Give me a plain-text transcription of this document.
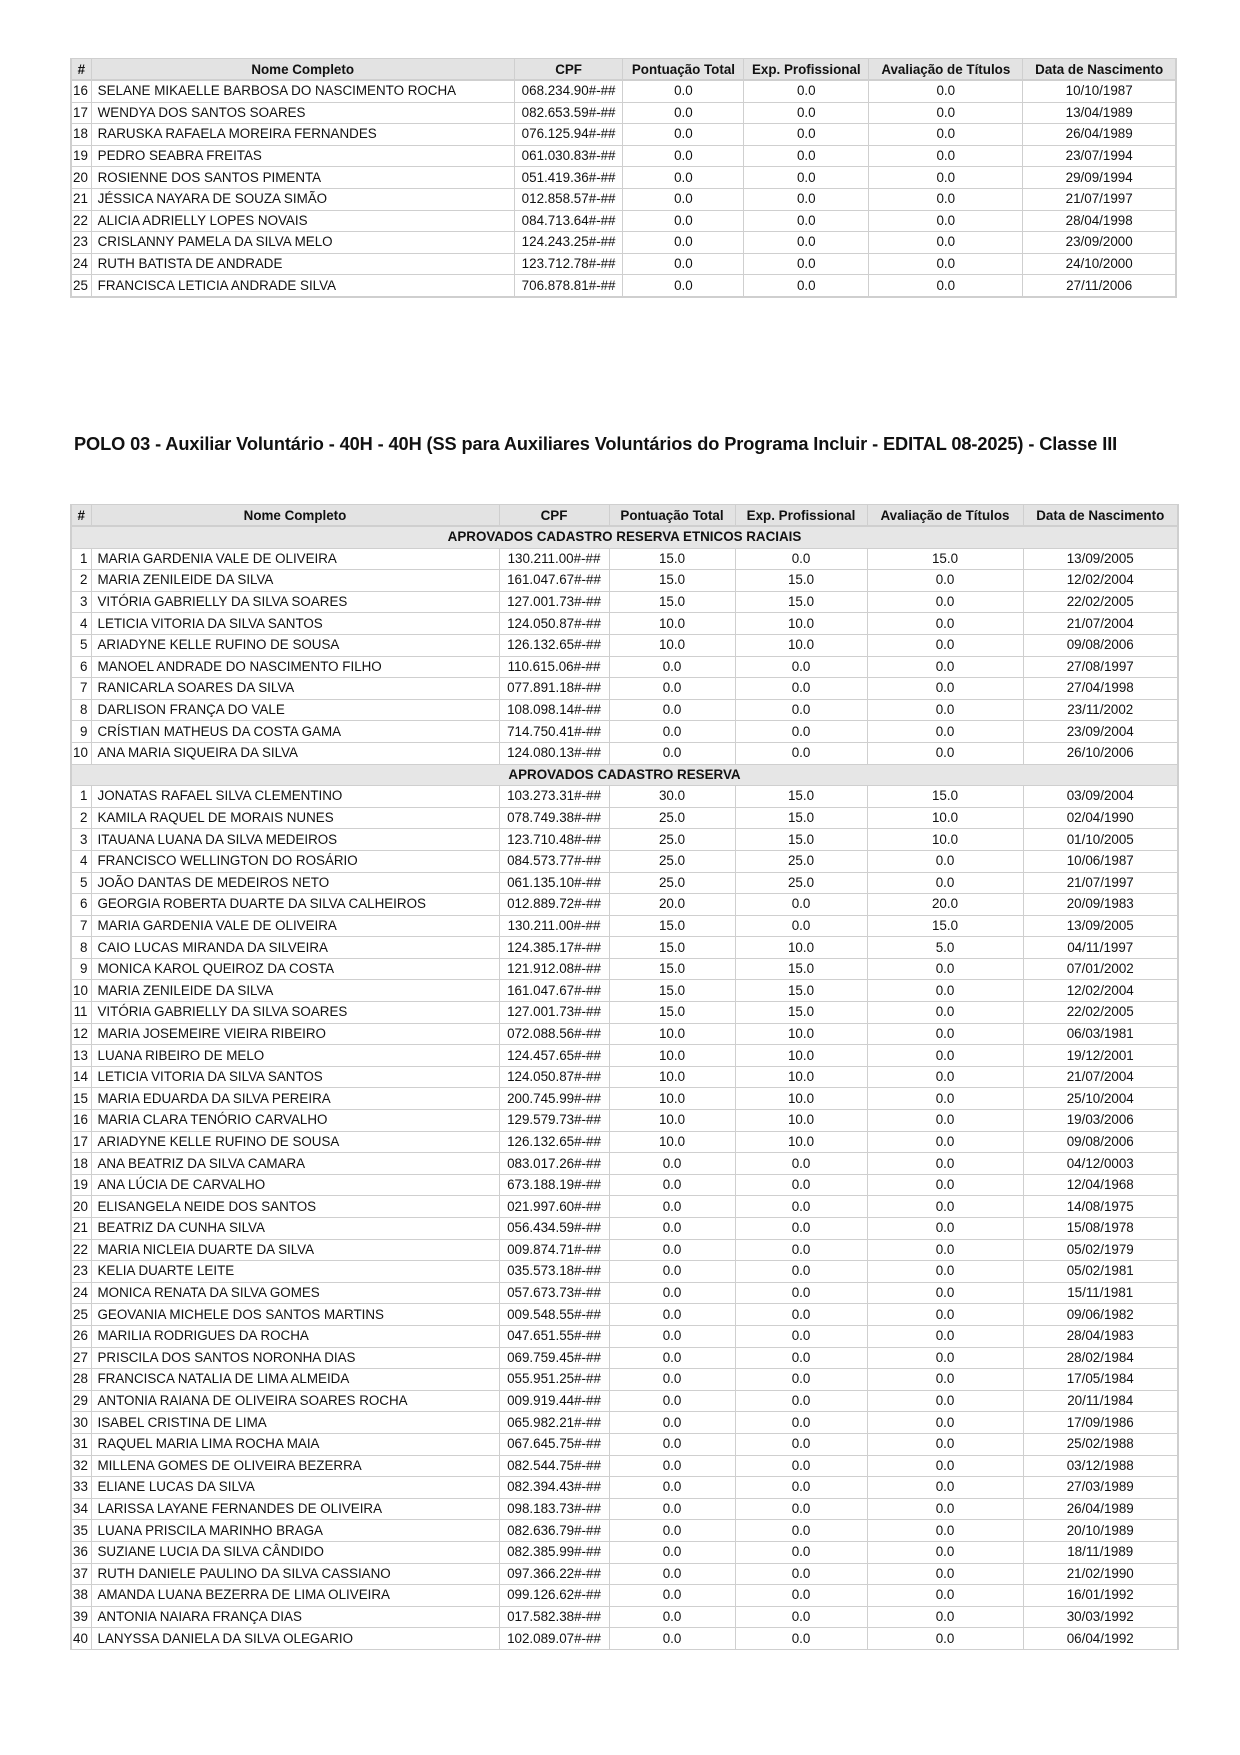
#	Nome Completo	CPF	Pontuação Total	Exp. Profissional	Avaliação de Títulos	Data de Nascimento
16	SELANE MIKAELLE BARBOSA DO NASCIMENTO ROCHA	068.234.90#-##	0.0	0.0	0.0	10/10/1987
17	WENDYA DOS SANTOS SOARES	082.653.59#-##	0.0	0.0	0.0	13/04/1989
18	RARUSKA RAFAELA MOREIRA FERNANDES	076.125.94#-##	0.0	0.0	0.0	26/04/1989
19	PEDRO SEABRA FREITAS	061.030.83#-##	0.0	0.0	0.0	23/07/1994
20	ROSIENNE DOS SANTOS PIMENTA	051.419.36#-##	0.0	0.0	0.0	29/09/1994
21	JÉSSICA NAYARA DE SOUZA SIMÃO	012.858.57#-##	0.0	0.0	0.0	21/07/1997
22	ALICIA ADRIELLY LOPES NOVAIS	084.713.64#-##	0.0	0.0	0.0	28/04/1998
23	CRISLANNY PAMELA DA SILVA MELO	124.243.25#-##	0.0	0.0	0.0	23/09/2000
24	RUTH BATISTA DE ANDRADE	123.712.78#-##	0.0	0.0	0.0	24/10/2000
25	FRANCISCA LETICIA ANDRADE SILVA	706.878.81#-##	0.0	0.0	0.0	27/11/2006
POLO 03 - Auxiliar Voluntário - 40H - 40H (SS para Auxiliares Voluntários do Programa Incluir - EDITAL 08-2025) - Classe III
#	Nome Completo	CPF	Pontuação Total	Exp. Profissional	Avaliação de Títulos	Data de Nascimento
APROVADOS CADASTRO RESERVA ETNICOS RACIAIS						
1	MARIA GARDENIA VALE DE OLIVEIRA	130.211.00#-##	15.0	0.0	15.0	13/09/2005
2	MARIA ZENILEIDE DA SILVA	161.047.67#-##	15.0	15.0	0.0	12/02/2004
3	VITÓRIA GABRIELLY DA SILVA SOARES	127.001.73#-##	15.0	15.0	0.0	22/02/2005
4	LETICIA VITORIA DA SILVA SANTOS	124.050.87#-##	10.0	10.0	0.0	21/07/2004
5	ARIADYNE KELLE RUFINO DE SOUSA	126.132.65#-##	10.0	10.0	0.0	09/08/2006
6	MANOEL ANDRADE DO NASCIMENTO FILHO	110.615.06#-##	0.0	0.0	0.0	27/08/1997
7	RANICARLA SOARES DA SILVA	077.891.18#-##	0.0	0.0	0.0	27/04/1998
8	DARLISON FRANÇA DO VALE	108.098.14#-##	0.0	0.0	0.0	23/11/2002
9	CRÍSTIAN MATHEUS DA COSTA GAMA	714.750.41#-##	0.0	0.0	0.0	23/09/2004
10	ANA MARIA SIQUEIRA DA SILVA	124.080.13#-##	0.0	0.0	0.0	26/10/2006
APROVADOS CADASTRO RESERVA						
1	JONATAS RAFAEL SILVA CLEMENTINO	103.273.31#-##	30.0	15.0	15.0	03/09/2004
2	KAMILA RAQUEL DE MORAIS NUNES	078.749.38#-##	25.0	15.0	10.0	02/04/1990
3	ITAUANA LUANA DA SILVA MEDEIROS	123.710.48#-##	25.0	15.0	10.0	01/10/2005
4	FRANCISCO WELLINGTON DO ROSÁRIO	084.573.77#-##	25.0	25.0	0.0	10/06/1987
5	JOÃO DANTAS DE MEDEIROS NETO	061.135.10#-##	25.0	25.0	0.0	21/07/1997
6	GEORGIA ROBERTA DUARTE DA SILVA CALHEIROS	012.889.72#-##	20.0	0.0	20.0	20/09/1983
7	MARIA GARDENIA VALE DE OLIVEIRA	130.211.00#-##	15.0	0.0	15.0	13/09/2005
8	CAIO LUCAS MIRANDA DA SILVEIRA	124.385.17#-##	15.0	10.0	5.0	04/11/1997
9	MONICA KAROL QUEIROZ DA COSTA	121.912.08#-##	15.0	15.0	0.0	07/01/2002
10	MARIA ZENILEIDE DA SILVA	161.047.67#-##	15.0	15.0	0.0	12/02/2004
11	VITÓRIA GABRIELLY DA SILVA SOARES	127.001.73#-##	15.0	15.0	0.0	22/02/2005
12	MARIA JOSEMEIRE VIEIRA RIBEIRO	072.088.56#-##	10.0	10.0	0.0	06/03/1981
13	LUANA RIBEIRO DE MELO	124.457.65#-##	10.0	10.0	0.0	19/12/2001
14	LETICIA VITORIA DA SILVA SANTOS	124.050.87#-##	10.0	10.0	0.0	21/07/2004
15	MARIA EDUARDA DA SILVA PEREIRA	200.745.99#-##	10.0	10.0	0.0	25/10/2004
16	MARIA CLARA TENÓRIO CARVALHO	129.579.73#-##	10.0	10.0	0.0	19/03/2006
17	ARIADYNE KELLE RUFINO DE SOUSA	126.132.65#-##	10.0	10.0	0.0	09/08/2006
18	ANA BEATRIZ DA SILVA CAMARA	083.017.26#-##	0.0	0.0	0.0	04/12/0003
19	ANA LÚCIA DE CARVALHO	673.188.19#-##	0.0	0.0	0.0	12/04/1968
20	ELISANGELA NEIDE DOS SANTOS	021.997.60#-##	0.0	0.0	0.0	14/08/1975
21	BEATRIZ DA CUNHA SILVA	056.434.59#-##	0.0	0.0	0.0	15/08/1978
22	MARIA NICLEIA DUARTE DA SILVA	009.874.71#-##	0.0	0.0	0.0	05/02/1979
23	KELIA DUARTE LEITE	035.573.18#-##	0.0	0.0	0.0	05/02/1981
24	MONICA RENATA DA SILVA GOMES	057.673.73#-##	0.0	0.0	0.0	15/11/1981
25	GEOVANIA MICHELE DOS SANTOS MARTINS	009.548.55#-##	0.0	0.0	0.0	09/06/1982
26	MARILIA RODRIGUES DA ROCHA	047.651.55#-##	0.0	0.0	0.0	28/04/1983
27	PRISCILA DOS SANTOS NORONHA DIAS	069.759.45#-##	0.0	0.0	0.0	28/02/1984
28	FRANCISCA NATALIA DE LIMA ALMEIDA	055.951.25#-##	0.0	0.0	0.0	17/05/1984
29	ANTONIA RAIANA DE OLIVEIRA SOARES ROCHA	009.919.44#-##	0.0	0.0	0.0	20/11/1984
30	ISABEL CRISTINA DE LIMA	065.982.21#-##	0.0	0.0	0.0	17/09/1986
31	RAQUEL MARIA LIMA ROCHA MAIA	067.645.75#-##	0.0	0.0	0.0	25/02/1988
32	MILLENA GOMES DE OLIVEIRA BEZERRA	082.544.75#-##	0.0	0.0	0.0	03/12/1988
33	ELIANE LUCAS DA SILVA	082.394.43#-##	0.0	0.0	0.0	27/03/1989
34	LARISSA LAYANE FERNANDES DE OLIVEIRA	098.183.73#-##	0.0	0.0	0.0	26/04/1989
35	LUANA PRISCILA MARINHO BRAGA	082.636.79#-##	0.0	0.0	0.0	20/10/1989
36	SUZIANE LUCIA DA SILVA CÂNDIDO	082.385.99#-##	0.0	0.0	0.0	18/11/1989
37	RUTH DANIELE PAULINO DA SILVA CASSIANO	097.366.22#-##	0.0	0.0	0.0	21/02/1990
38	AMANDA LUANA BEZERRA DE LIMA OLIVEIRA	099.126.62#-##	0.0	0.0	0.0	16/01/1992
39	ANTONIA NAIARA FRANÇA DIAS	017.582.38#-##	0.0	0.0	0.0	30/03/1992
40	LANYSSA DANIELA DA SILVA OLEGARIO	102.089.07#-##	0.0	0.0	0.0	06/04/1992
